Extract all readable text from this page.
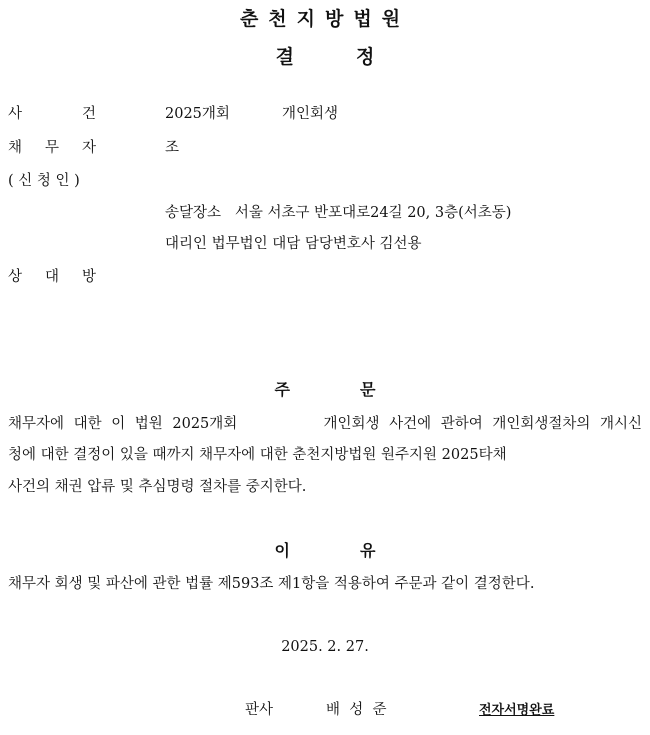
춘천지방법원
결정
사	건	2025개회	개인회생
채 무 자	조
( 신 청 인 )
송달장소   서울 서초구 반포대로24길 20, 3층(서초동)
대리인 법무법인 대담 담당변호사 김선용
상 대 방
주	문
채무자에 대한 이 법원 2025개회         개인회생 사건에 관하여 개인회생절차의 개시신
청에 대한 결정이 있을 때까지 채무자에 대한 춘천지방법원 원주지원 2025타채
사건의 채권 압류 및 추심명령 절차를 중지한다.
이	유
채무자 회생 및 파산에 관한 법률 제593조 제1항을 적용하여 주문과 같이 결정한다.
2025. 2. 27.
판사	배  성  준	전자서명완료
